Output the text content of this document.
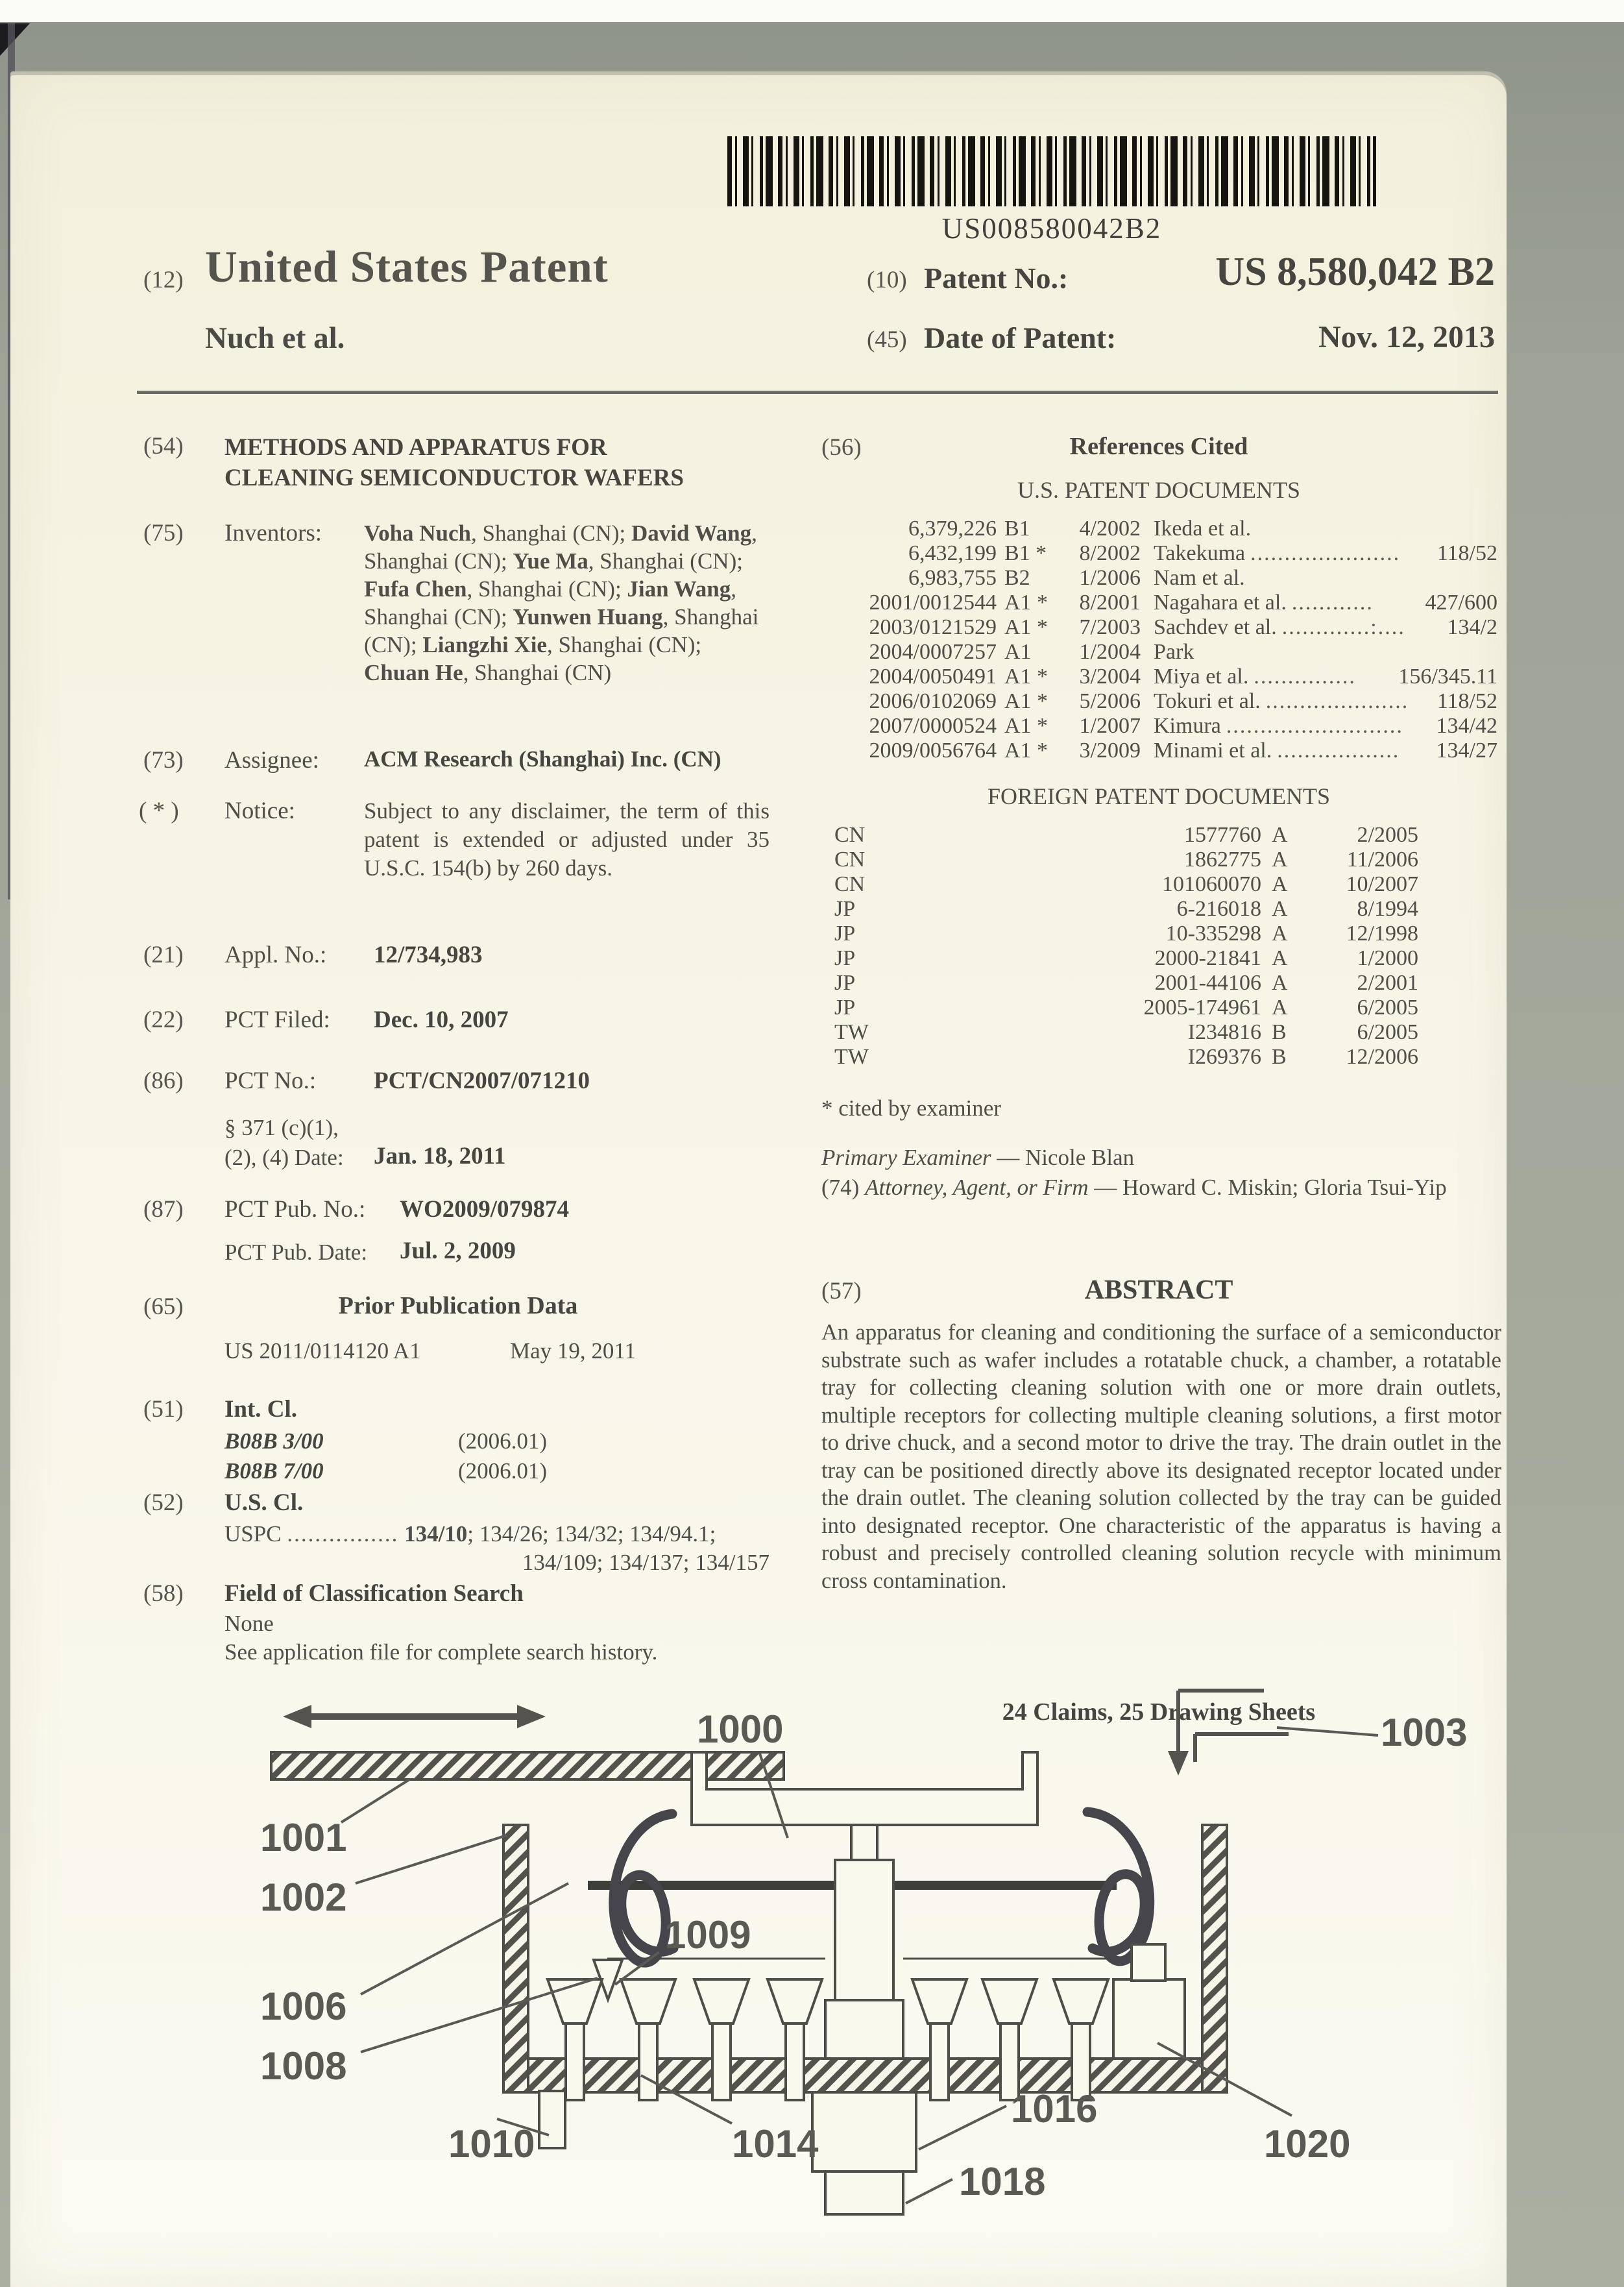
US008580042B2
(12) United States Patent
Nuch et al.
(10) Patent No.:	US 8,580,042 B2
(45) Date of Patent:	Nov. 12, 2013
(54) METHODS AND APPARATUS FOR
CLEANING SEMICONDUCTOR WAFERS
(75) Inventors: Voha Nuch, Shanghai (CN); David Wang, Shanghai (CN); Yue Ma, Shanghai (CN); Fufa Chen, Shanghai (CN); Jian Wang, Shanghai (CN); Yunwen Huang, Shanghai (CN); Liangzhi Xie, Shanghai (CN); Chuan He, Shanghai (CN)
(73) Assignee: ACM Research (Shanghai) Inc. (CN)
( * ) Notice:	Subject to any disclaimer, the term of this patent is extended or adjusted under 35 U.S.C. 154(b) by 260 days.
(21) Appl. No.: 12/734,983
(22) PCT Filed: Dec. 10, 2007
(86) PCT No.: PCT/CN2007/071210
§ 371 (c)(1),
(2), (4) Date: Jan. 18, 2011
(87) PCT Pub. No.: WO2009/079874
PCT Pub. Date: Jul. 2, 2009
(65)	Prior Publication Data
US 2011/0114120 A1	May 19, 2011
(51) Int. Cl.
B08B 3/00	(2006.01)
B08B 7/00	(2006.01)
(52) U.S. Cl.
USPC ................ 134/10; 134/26; 134/32; 134/94.1;
134/109; 134/137; 134/157
(58) Field of Classification Search
None
See application file for complete search history.
(56)	References Cited
U.S. PATENT DOCUMENTS
6,379,226 B1	4/2002 Ikeda et al.
6,432,199 B1 *	8/2002 Takekuma ......................	118/52
6,983,755 B2	1/2006 Nam et al.
2001/0012544 A1 *	8/2001 Nagahara et al. ............	427/600
2003/0121529 A1 *	7/2003 Sachdev et al. .............:....	134/2
2004/0007257 A1	1/2004 Park
2004/0050491 A1 *	3/2004 Miya et al. ...............	156/345.11
2006/0102069 A1 *	5/2006 Tokuri et al. .....................	118/52
2007/0000524 A1 *	1/2007 Kimura ..........................	134/42
2009/0056764 A1 *	3/2009 Minami et al. ..................	134/27
FOREIGN PATENT DOCUMENTS
CN	1577760 A	2/2005
CN	1862775 A	11/2006
CN	101060070 A	10/2007
JP	6-216018 A	8/1994
JP	10-335298 A	12/1998
JP	2000-21841 A	1/2000
JP	2001-44106 A	2/2001
JP	2005-174961 A	6/2005
TW	I234816 B	6/2005
TW	I269376 B	12/2006
* cited by examiner
Primary Examiner — Nicole Blan
(74) Attorney, Agent, or Firm — Howard C. Miskin; Gloria Tsui-Yip
(57)	ABSTRACT
An apparatus for cleaning and conditioning the surface of a semiconductor substrate such as wafer includes a rotatable chuck, a chamber, a rotatable tray for collecting cleaning solution with one or more drain outlets, multiple receptors for collecting multiple cleaning solutions, a first motor to drive chuck, and a second motor to drive the tray. The drain outlet in the tray can be positioned directly above its designated receptor located under the drain outlet. The cleaning solution collected by the tray can be guided into designated receptor. One characteristic of the apparatus is having a robust and precisely controlled cleaning solution recycle with minimum cross contamination.
24 Claims, 25 Drawing Sheets
1000
1001
1002
1003
1006
1008
1009
1010	1014
1016
1018
1020
